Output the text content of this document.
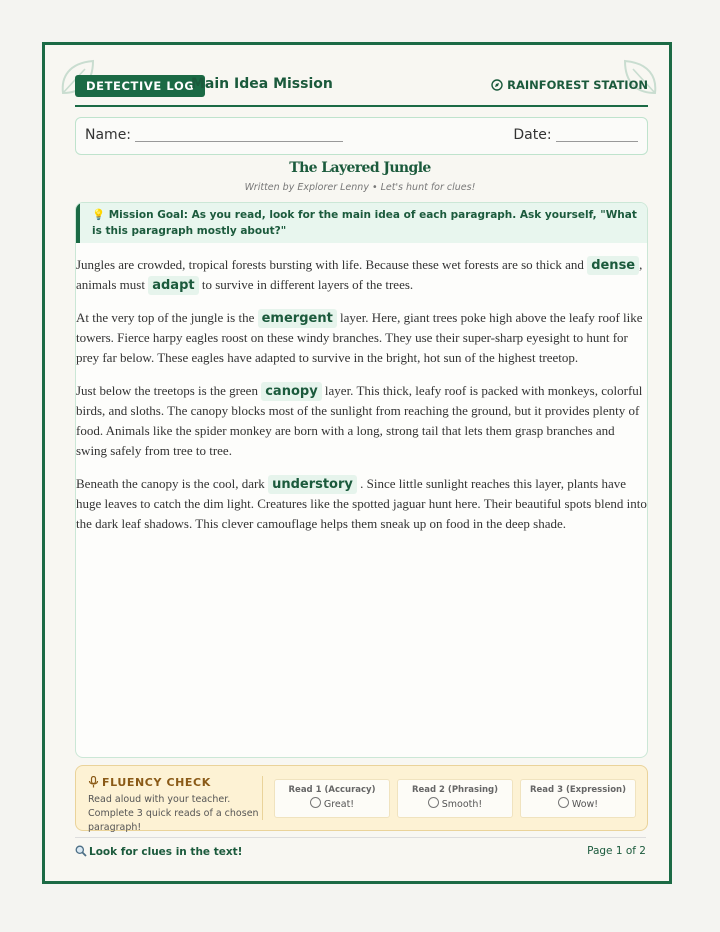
DETECTIVE LOG
Main Idea Mission	RAINFOREST STATION
Name:	Date:
The Layered Jungle
Written by Explorer Lenny • Let's hunt for clues!

💡 Mission Goal: As you read, look for the main idea of each paragraph. Ask yourself, "What is this paragraph mostly about?"

Jungles are crowded, tropical forests bursting with life. Because these wet forests are so thick and dense , animals must adapt to survive in different layers of the trees.

At the very top of the jungle is the emergent layer. Here, giant trees poke high above the leafy roof like towers. Fierce harpy eagles roost on these windy branches. They use their super-sharp eyesight to hunt for prey far below. These eagles have adapted to survive in the bright, hot sun of the highest treetop.

Just below the treetops is the green canopy layer. This thick, leafy roof is packed with monkeys, colorful birds, and sloths. The canopy blocks most of the sunlight from reaching the ground, but it provides plenty of food. Animals like the spider monkey are born with a long, strong tail that lets them grasp branches and swing safely from tree to tree.

Beneath the canopy is the cool, dark understory . Since little sunlight reaches this layer, plants have huge leaves to catch the dim light. Creatures like the spotted jaguar hunt here. Their beautiful spots blend into the dark leaf shadows. This clever camouflage helps them sneak up on food in the deep shade.

FLUENCY CHECK
Read aloud with your teacher. Complete 3 quick reads of a chosen paragraph!
Read 1 (Accuracy)
Great!
Read 2 (Phrasing)
Smooth!
Read 3 (Expression)
Wow!
Look for clues in the text!	Page 1 of 2
